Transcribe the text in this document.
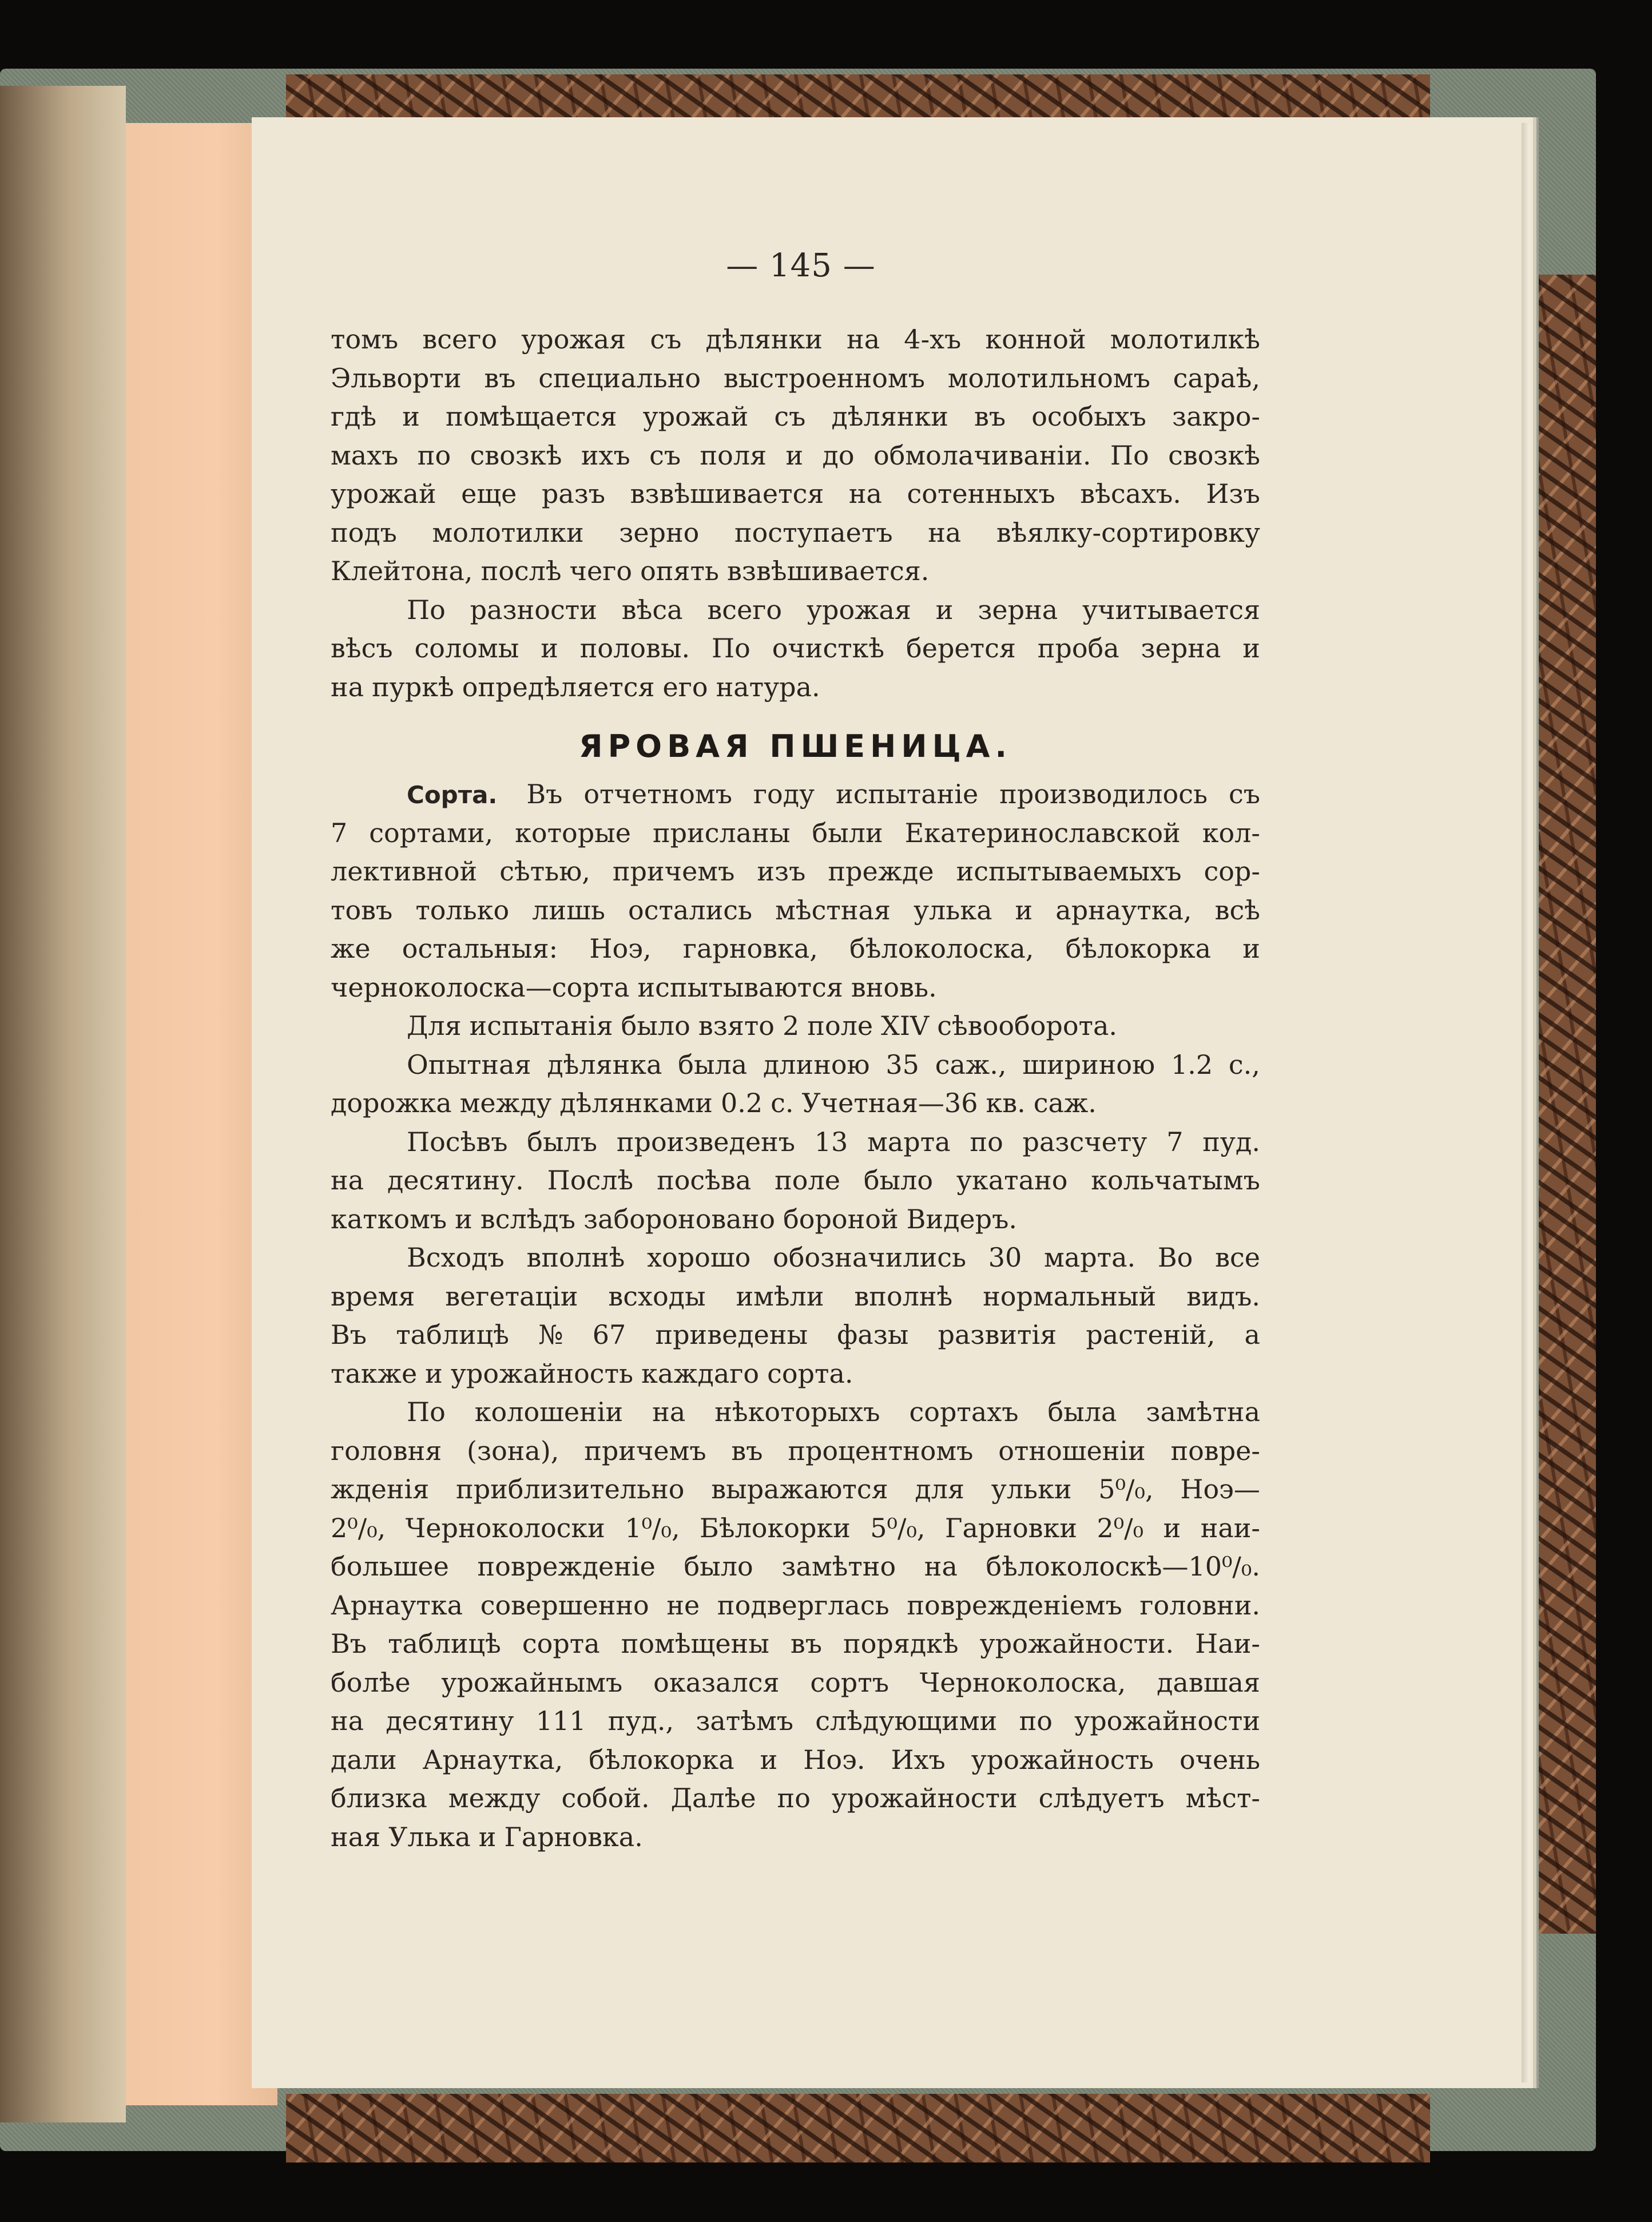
— 145 —
томъ всего урожая съ дѣлянки на 4-хъ конной молотилкѣ
Эльворти въ специально выстроенномъ молотильномъ сараѣ,
гдѣ и помѣщается урожай съ дѣлянки въ особыхъ закро-
махъ по свозкѣ ихъ съ поля и до обмолачиваніи. По свозкѣ
урожай еще разъ взвѣшивается на сотенныхъ вѣсахъ. Изъ
подъ молотилки зерно поступаетъ на вѣялку-сортировку
Клейтона, послѣ чего опять взвѣшивается.
По разности вѣса всего урожая и зерна учитывается
вѣсъ соломы и половы. По очисткѣ берется проба зерна и
на пуркѣ опредѣляется его натура.
ЯРОВАЯ ПШЕНИЦА.
Сорта. Въ отчетномъ году испытаніе производилось съ
7 сортами, которые присланы были Екатеринославской кол-
лективной сѣтью, причемъ изъ прежде испытываемыхъ сор-
товъ только лишь остались мѣстная улька и арнаутка, всѣ
же остальныя: Ноэ, гарновка, бѣлоколоска, бѣлокорка и
черноколоска—сорта испытываются вновь.
Для испытанія было взято 2 поле XIV сѣвооборота.
Опытная дѣлянка была длиною 35 саж., шириною 1.2 с.,
дорожка между дѣлянками 0.2 с. Учетная—36 кв. саж.
Посѣвъ былъ произведенъ 13 марта по разсчету 7 пуд.
на десятину. Послѣ посѣва поле было укатано кольчатымъ
каткомъ и вслѣдъ забороновано бороной Видеръ.
Всходъ вполнѣ хорошо обозначились 30 марта. Во все
время вегетаціи всходы имѣли вполнѣ нормальный видъ.
Въ таблицѣ № 67 приведены фазы развитія растеній, а
также и урожайность каждаго сорта.
По колошеніи на нѣкоторыхъ сортахъ была замѣтна
головня (зона), причемъ въ процентномъ отношеніи повре-
жденія приблизительно выражаются для ульки 5⁰/₀, Ноэ—
2⁰/₀, Черноколоски 1⁰/₀, Бѣлокорки 5⁰/₀, Гарновки 2⁰/₀ и наи-
большее поврежденіе было замѣтно на бѣлоколоскѣ—10⁰/₀.
Арнаутка совершенно не подверглась поврежденіемъ головни.
Въ таблицѣ сорта помѣщены въ порядкѣ урожайности. Наи-
болѣе урожайнымъ оказался сортъ Черноколоска, давшая
на десятину 111 пуд., затѣмъ слѣдующими по урожайности
дали Арнаутка, бѣлокорка и Ноэ. Ихъ урожайность очень
близка между собой. Далѣе по урожайности слѣдуетъ мѣст-
ная Улька и Гарновка.
